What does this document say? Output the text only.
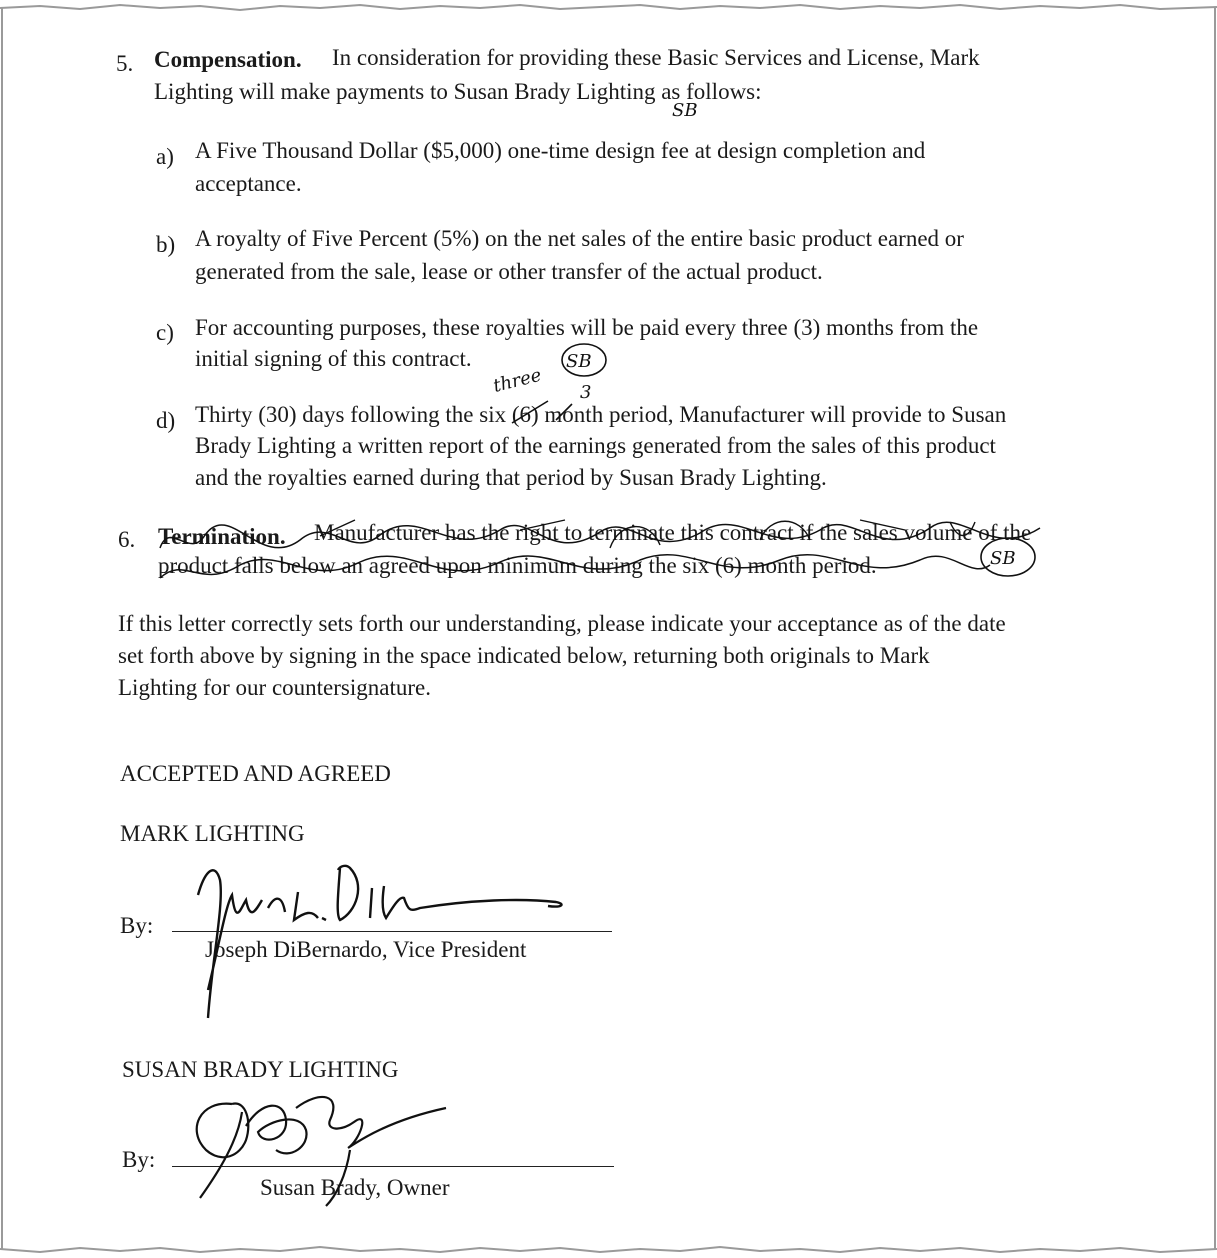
5. Compensation. In consideration for providing these Basic Services and License, Mark
Lighting will make payments to Susan Brady Lighting as follows:
a) A Five Thousand Dollar ($5,000) one-time design fee at design completion and
acceptance.
b) A royalty of Five Percent (5%) on the net sales of the entire basic product earned or
generated from the sale, lease or other transfer of the actual product.
c) For accounting purposes, these royalties will be paid every three (3) months from the
initial signing of this contract.
d) Thirty (30) days following the six (6) month period, Manufacturer will provide to Susan
Brady Lighting a written report of the earnings generated from the sales of this product
and the royalties earned during that period by Susan Brady Lighting.
6. Termination. Manufacturer has the right to terminate this contract if the sales volume of the
product falls below an agreed upon minimum during the six (6) month period.
If this letter correctly sets forth our understanding, please indicate your acceptance as of the date
set forth above by signing in the space indicated below, returning both originals to Mark
Lighting for our countersignature.
ACCEPTED AND AGREED
MARK LIGHTING
By:
Joseph DiBernardo, Vice President
SUSAN BRADY LIGHTING
By:
Susan Brady, Owner
SB
SB
three 3
SB
